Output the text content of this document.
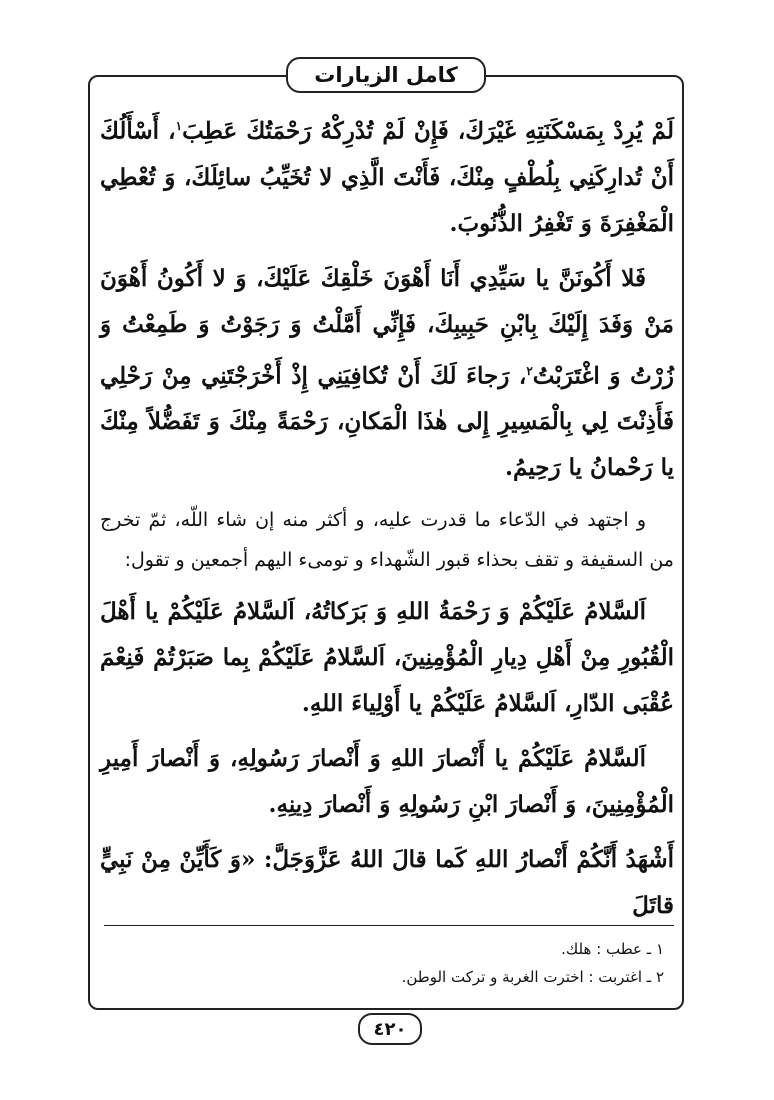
كامل الزيارات

لَمْ يُرِدْ بِمَسْكَنَتِهِ غَيْرَكَ، فَإِنْ لَمْ تُدْرِكْهُ رَحْمَتُكَ عَطِبَ$^١$، أَسْأَلُكَ أَنْ تُدارِكَنِي بِلُطْفٍ مِنْكَ، فَأَنْتَ الَّذِي لا تُخَيِّبُ سائِلَكَ، وَ تُعْطِي الْمَغْفِرَةَ وَ تَغْفِرُ الذُّنُوبَ.

فَلا أَكُونَنَّ يا سَيِّدِي أَنَا أَهْوَنَ خَلْقِكَ عَلَيْكَ، وَ لا أَكُونُ أَهْوَنَ مَنْ وَفَدَ إِلَيْكَ بِابْنِ حَبِيبِكَ، فَإِنِّي أَمَّلْتُ وَ رَجَوْتُ وَ طَمِعْتُ وَ زُرْتُ وَ اغْتَرَبْتُ$^٢$، رَجاءَ لَكَ أَنْ تُكافِيَنِي إِذْ أَخْرَجْتَنِي مِنْ رَحْلِي فَأَذِنْتَ لِي بِالْمَسِيرِ إِلى هٰذَا الْمَكانِ، رَحْمَةً مِنْكَ وَ تَفَضُّلاً مِنْكَ يا رَحْمانُ يا رَحِيمُ.

و اجتهد في الدّعاء ما قدرت عليه، و أكثر منه إن شاء اللّه، ثمّ تخرج من السقيفة و تقف بحذاء قبور الشّهداء و تومىء اليهم أجمعين و تقول:

اَلسَّلامُ عَلَيْكُمْ وَ رَحْمَةُ اللهِ وَ بَرَكاتُهُ، اَلسَّلامُ عَلَيْكُمْ يا أَهْلَ الْقُبُورِ مِنْ أَهْلِ دِيارِ الْمُؤْمِنِينَ، اَلسَّلامُ عَلَيْكُمْ بِما صَبَرْتُمْ فَنِعْمَ عُقْبَى الدّارِ، اَلسَّلامُ عَلَيْكُمْ يا أَوْلِياءَ اللهِ.

اَلسَّلامُ عَلَيْكُمْ يا أَنْصارَ اللهِ وَ أَنْصارَ رَسُولِهِ، وَ أَنْصارَ أَمِيرِ الْمُؤْمِنِينَ، وَ أَنْصارَ ابْنِ رَسُولِهِ وَ أَنْصارَ دِينِهِ.

أَشْهَدُ أَنَّكُمْ أَنْصارُ اللهِ كَما قالَ اللهُ عَزَّوَجَلَّ: «وَ كَأَيِّنْ مِنْ نَبِيٍّ قاتَلَ

١ ـ عطب : هلك.

٢ ـ اغتربت : اخترت الغربة و تركت الوطن.

٤٢٠
